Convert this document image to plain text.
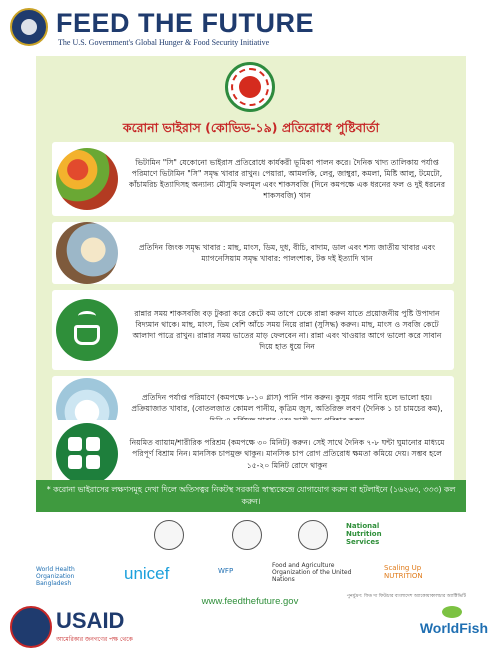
FEED THE FUTURE
The U.S. Government's Global Hunger & Food Security Initiative
করোনা ভাইরাস (কোভিড-১৯) প্রতিরোধে পুষ্টিবার্তা
ভিটামিন "সি" যেকোনো ভাইরাস প্রতিরোধে কার্যকরী ভূমিকা পালন করে। দৈনিক খাদ্য তালিকায় পর্যাপ্ত পরিমাণে ভিটামিন "সি" সমৃদ্ধ খাবার রাখুন। পেয়ারা, আমলকি, লেবু, জাম্বুরা, কমলা, মিষ্টি আলু, টমেটো, কাঁচামরিচ ইত্যাদিসহ অন্যান্য মৌসুমি ফলমূল এবং শাকসবজি (দিনে কমপক্ষে এক ধরনের ফল ও দুই ধরনের শাকসবজি) খান
প্রতিদিন জিংক সমৃদ্ধ খাবার : মাছ, মাংস, ডিম, দুধ, বীচি, বাদাম, ডাল এবং শস্য জাতীয় খাবার এবং ম্যাগনেসিয়াম সমৃদ্ধ খাবার: পালংশাক, টক দই ইত্যাদি খান
রান্নার সময় শাকসবজি বড় টুকরা করে কেটে কম তাপে ঢেকে রান্না করুন যাতে প্রয়োজনীয় পুষ্টি উপাদান বিদ্যমান থাকে। মাছ, মাংস, ডিম বেশি আঁচে সময় নিয়ে রান্না (সুসিদ্ধ) করুন। মাছ, মাংস ও সবজি কেটে আলাদা পাত্রে রাখুন। রান্নার সময় ভাতের মাড় ফেলবেন না। রান্না এবং খাওয়ার আগে ভালো করে সাবান দিয়ে হাত ধুয়ে নিন
প্রতিদিন পর্যাপ্ত পরিমাণে (কমপক্ষে ৮-১০ গ্লাস) পানি পান করুন। কুসুম গরম পানি হলে ভালো হয়। প্রক্রিয়াজাত খাবার, (বোতলজাত কোমল পানীয়, কৃত্রিম জুস, অতিরিক্ত লবণ (দৈনিক ১ চা চামচের কম),
নিয়মিত ব্যায়াম/শারীরিক পরিশ্রম (কমপক্ষে ৩০ মিনিট) করুন। সেই সাথে দৈনিক ৭-৮ ঘন্টা ঘুমানোর মাধ্যমে পরিপূর্ণ বিশ্রাম নিন। মানসিক চাপমুক্ত থাকুন। মানসিক চাপ রোগ প্রতিরোধ ক্ষমতা কমিয়ে দেয়। সম্ভব হলে ১৫-২০ মিনিট রোদে থাকুন
* করোনা ভাইরাসের লক্ষণসমূহ দেখা দিলে অতিসত্বর নিকটস্থ সরকারি স্বাস্থ্যকেন্দ্রে যোগাযোগ করুন বা হটলাইনে (১৬২৬৩, ৩৩৩) কল করুন।
National Nutrition Services
World Health Organization Bangladesh
unicef	WFP
Food and Agriculture Organization of the United Nations
Scaling Up NUTRITION
পুনর্মুদ্রণ: ফিড দ্য ফিউচার বাংলাদেশ অ্যাকোয়াকালচার অ্যাক্টিভিটি
www.feedthefuture.gov
USAID
আমেরিকার জনগণের পক্ষ থেকে
WorldFish
